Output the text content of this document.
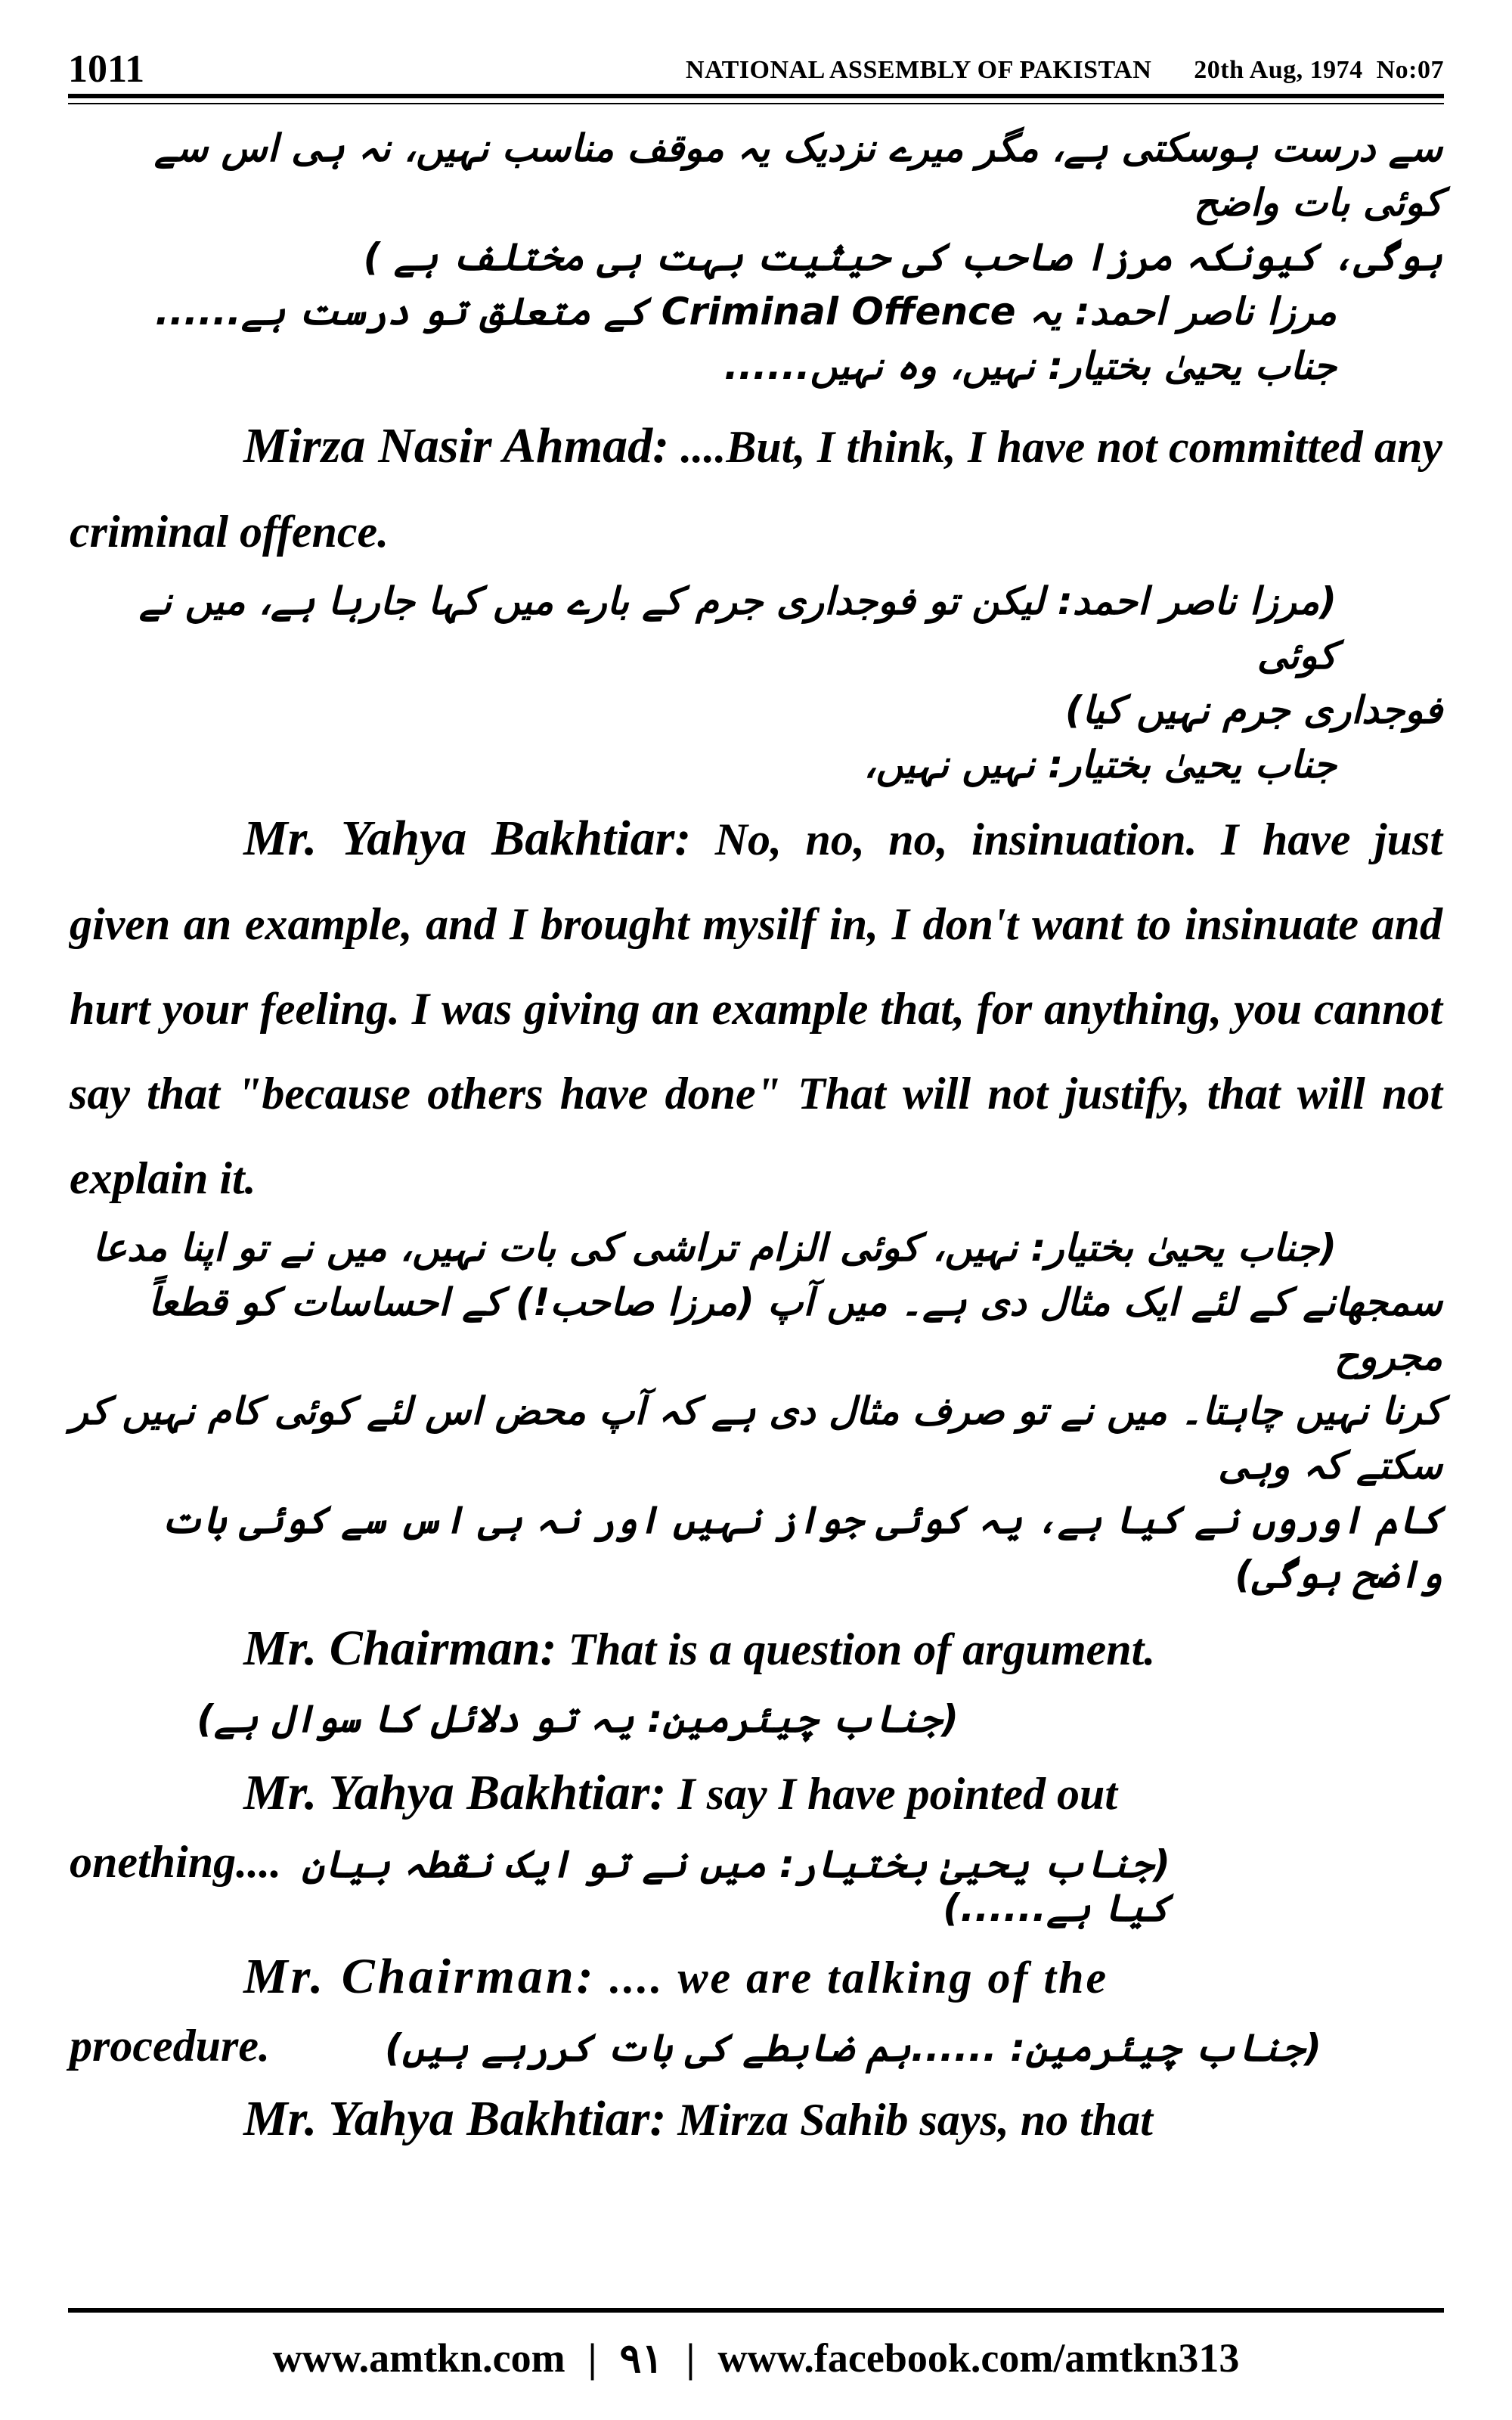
1011	NATIONAL ASSEMBLY OF PAKISTAN 20th Aug, 1974 No:07

سے درست ہوسکتی ہے، مگر میرے نزدیک یہ موقف مناسب نہیں، نہ ہی اس سے کوئی بات واضح

ہوگی، کیونکہ مرزا صاحب کی حیثیت بہت ہی مختلف ہے )

مرزا ناصر احمد: یہ Criminal Offence کے متعلق تو درست ہے......

جناب یحییٰ بختیار: نہیں، وہ نہیں......

Mirza Nasir Ahmad: ....But, I think, I have not committed any criminal offence.

(مرزا ناصر احمد: لیکن تو فوجداری جرم کے بارے میں کہا جارہا ہے، میں نے کوئی

فوجداری جرم نہیں کیا)

جناب یحییٰ بختیار: نہیں نہیں،

Mr. Yahya Bakhtiar: No, no, no, insinuation. I have just given an example, and I brought mysilf in, I don't want to insinuate and hurt your feeling. I was giving an example that, for anything, you cannot say that "because others have done" That will not justify, that will not explain it.

(جناب یحییٰ بختیار: نہیں، کوئی الزام تراشی کی بات نہیں، میں نے تو اپنا مدعا

سمجھانے کے لئے ایک مثال دی ہے۔ میں آپ (مرزا صاحب!) کے احساسات کو قطعاً مجروح

کرنا نہیں چاہتا۔ میں نے تو صرف مثال دی ہے کہ آپ محض اس لئے کوئی کام نہیں کر سکتے کہ وہی

کام اوروں نے کیا ہے، یہ کوئی جواز نہیں اور نہ ہی اس سے کوئی بات واضح ہوگی)

Mr. Chairman: That is a question of argument.

(جناب چیئرمین: یہ تو دلائل کا سوال ہے)

Mr. Yahya Bakhtiar: I say I have pointed out

onething.... (جناب یحییٰ بختیار: میں نے تو ایک نقطہ بیان کیا ہے......)

Mr. Chairman: .... we are talking of the

procedure.	(جناب چیئرمین: ......ہم ضابطے کی بات کررہے ہیں)

Mr. Yahya Bakhtiar: Mirza Sahib says, no that

www.amtkn.com | ۹۱ | www.facebook.com/amtkn313
